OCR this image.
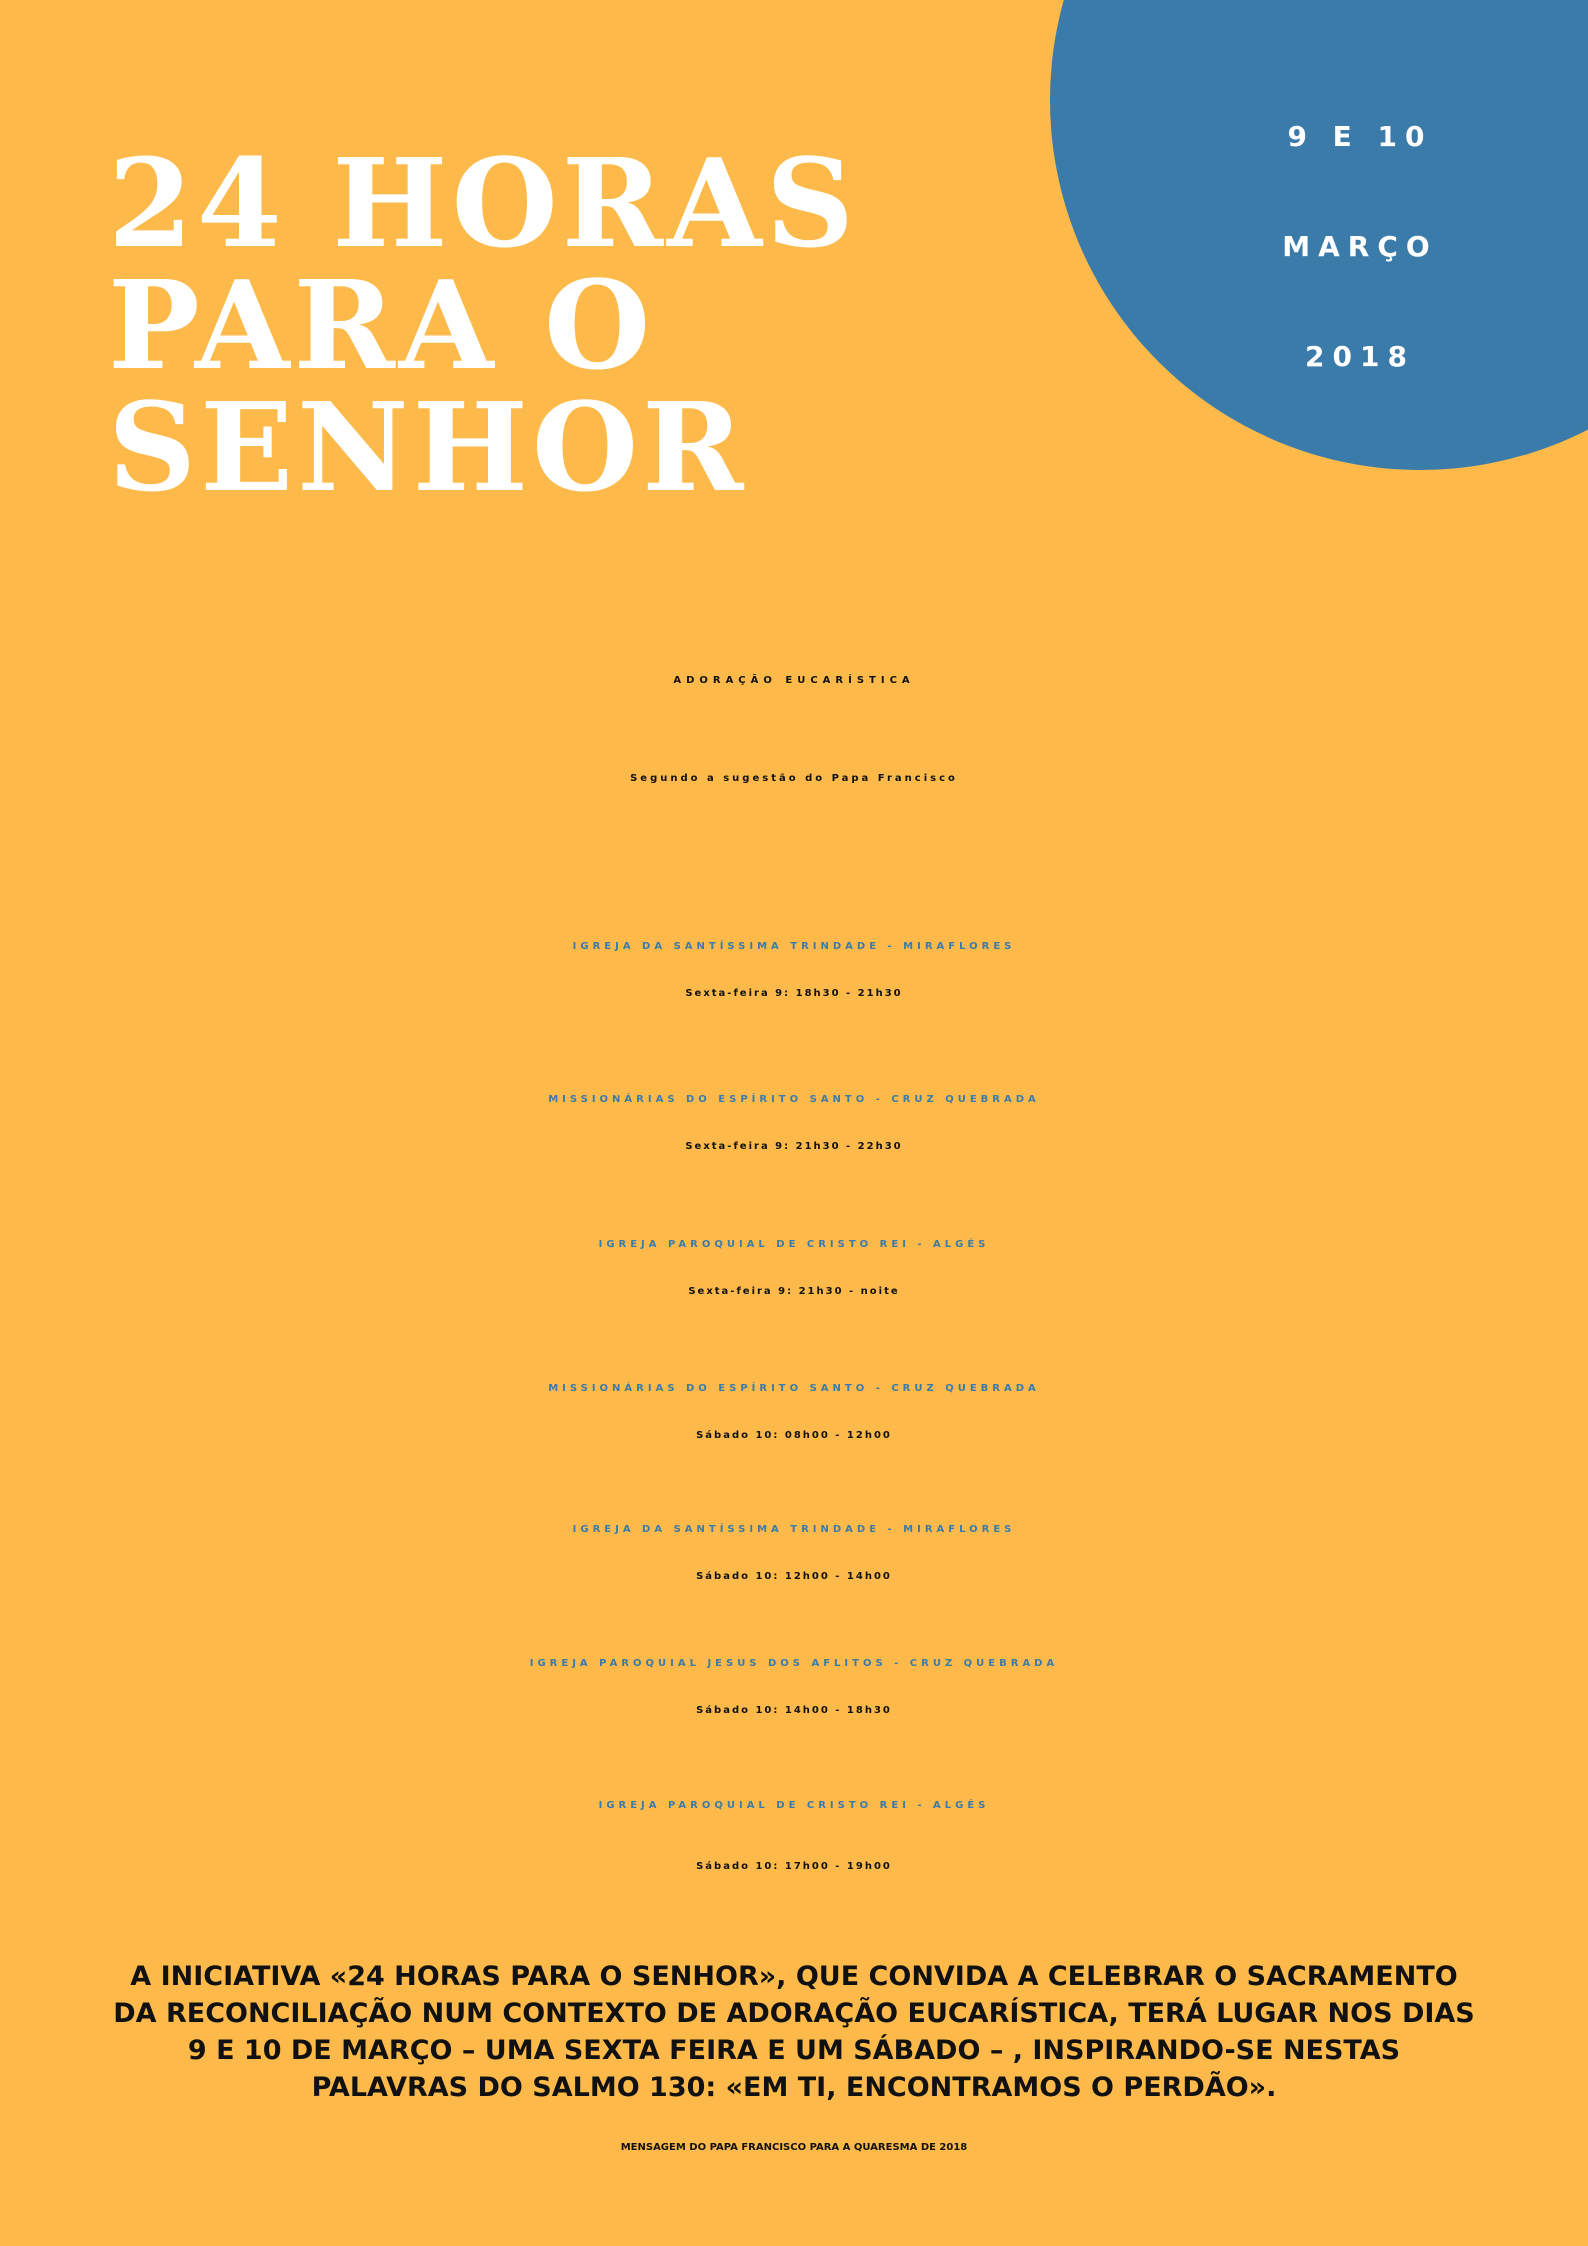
9 E 10
MARÇO
2018
24 HORAS
PARA O
SENHOR
ADORAÇÃO EUCARÍSTICA
Segundo a sugestão do Papa Francisco
IGREJA DA SANTÍSSIMA TRINDADE - MIRAFLORES
Sexta-feira 9: 18h30 - 21h30
MISSIONÁRIAS DO ESPÍRITO SANTO - CRUZ QUEBRADA
Sexta-feira 9: 21h30 - 22h30
IGREJA PAROQUIAL DE CRISTO REI - ALGÉS
Sexta-feira 9: 21h30 - noite
MISSIONÁRIAS DO ESPÍRITO SANTO - CRUZ QUEBRADA
Sábado 10: 08h00 - 12h00
IGREJA DA SANTÍSSIMA TRINDADE - MIRAFLORES
Sábado 10: 12h00 - 14h00
IGREJA PAROQUIAL JESUS DOS AFLITOS - CRUZ QUEBRADA
Sábado 10: 14h00 - 18h30
IGREJA PAROQUIAL DE CRISTO REI - ALGÉS
Sábado 10: 17h00 - 19h00
A INICIATIVA «24 HORAS PARA O SENHOR», QUE CONVIDA A CELEBRAR O SACRAMENTO
DA RECONCILIAÇÃO NUM CONTEXTO DE ADORAÇÃO EUCARÍSTICA, TERÁ LUGAR NOS DIAS
9 E 10 DE MARÇO – UMA SEXTA FEIRA E UM SÁBADO – , INSPIRANDO-SE NESTAS
PALAVRAS DO SALMO 130: «EM TI, ENCONTRAMOS O PERDÃO».
MENSAGEM DO PAPA FRANCISCO PARA A QUARESMA DE 2018
